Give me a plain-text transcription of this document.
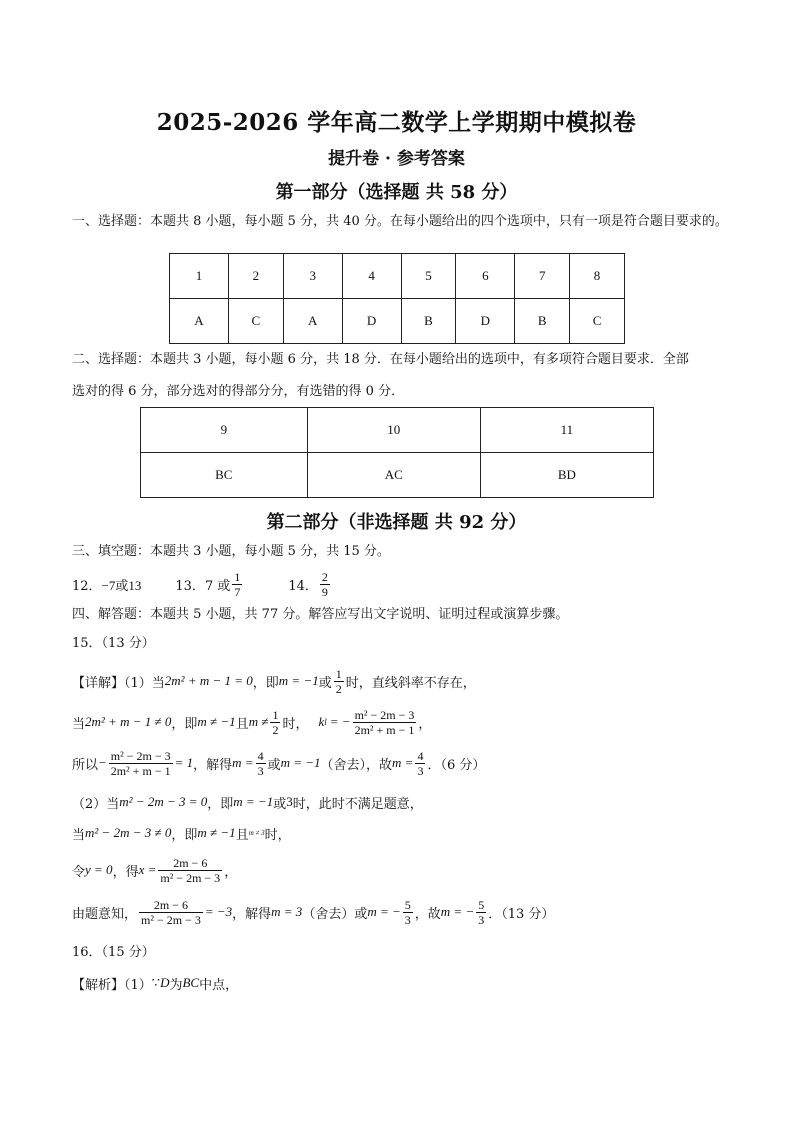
2025-2026 学年高二数学上学期期中模拟卷
提升卷 · 参考答案
第一部分（选择题 共 58 分）
一、选择题：本题共 8 小题，每小题 5 分，共 40 分。在每小题给出的四个选项中，只有一项是符合题目要求的。
1	2	3	4	5	6	7	8
A	C	A	D	B	D	B	C
二、选择题：本题共 3 小题，每小题 6 分，共 18 分．在每小题给出的选项中，有多项符合题目要求．全部
选对的得 6 分，部分选对的得部分分，有选错的得 0 分．
9	10	11
BC	AC	BD
第二部分（非选择题 共 92 分）
三、填空题：本题共 3 小题，每小题 5 分，共 15 分。
12． −7或13	13． 7 或 $\frac{1}{7}$	14． $\frac{2}{9}$
四、解答题：本题共 5 小题，共 77 分。解答应写出文字说明、证明过程或演算步骤。
15．（13 分）
【详解】（1）当 2m² + m − 1 = 0 ，即 m = −1 或 $\frac{1}{2}$ 时，直线斜率不存在，
当 2m² + m − 1 ≠ 0 ，即 m ≠ −1 且 $m \ne \frac{1}{2}$ 时， k l = − $\frac{\text{m² − 2m − 3}}{\text{2m² + m − 1}}$ ，
所以 − $\frac{\text{m² − 2m − 3}}{\text{2m² + m − 1}} = 1$ ，解得 $m = \frac{4}{3}$ 或 m = −1 （舍去），故 $m = \frac{4}{3}$ ．（6 分）
（2）当 m² − 2m − 3 = 0 ，即 m = −1 或 3 时，此时不满足题意，
当 m² − 2m − 3 ≠ 0 ，即 m ≠ −1 且 m ≠ 3 时，
令 y = 0 ，得 $x = \frac{2m - 6}{\text{m² − 2m − 3}}$ ，
由题意知， $\frac{2m - 6}{\text{m² − 2m − 3}} = -3$ ，解得 m = 3 （舍去）或 m = − $\frac{5}{3}$ ，故 m = − $\frac{5}{3}$ ．（13 分）
16．（15 分）
【解析】（1） ∵ D 为 BC 中点，
